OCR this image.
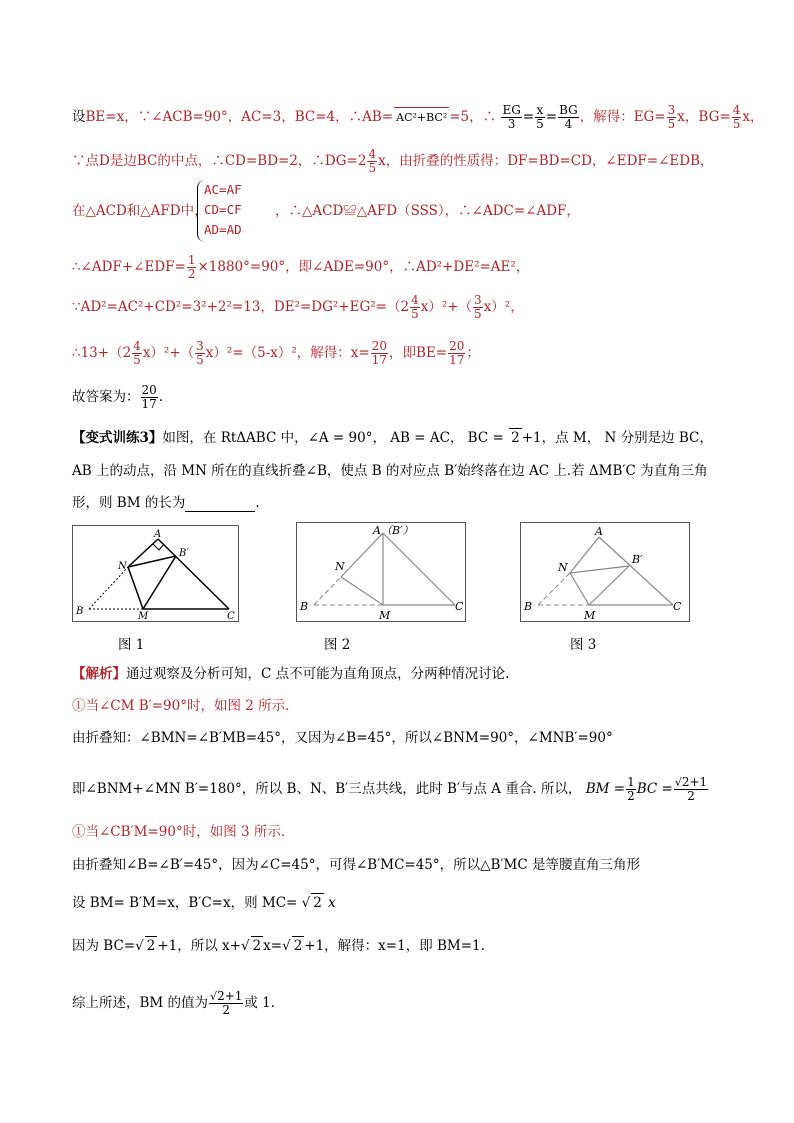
设BE=x，∵∠ACB=90°，AC=3，BC=4，∴AB= AC²+BC² =5，∴ $\frac{EG}{3} = \frac{x}{5} = \frac{BG}{4}$ ，解得：$EG= \frac{3}{5}$ x，$BG= \frac{4}{5}$ x，
∵点D是边BC的中点，∴CD=BD=2，∴DG=2 $\frac{4}{5}$ x，由折叠的性质得：DF=BD=CD，∠EDF=∠EDB，
在△ACD和△AFD中，
AC=AF
CD=CF
AD=AD
，∴△ACD≌△AFD（SSS），∴∠ADC=∠ADF，
∴∠ADF+∠EDF= $\frac{1}{2} \times 1880^\circ=90^\circ$，即∠ADE=90°，∴AD²+DE²=AE²，
∵AD²=AC²+CD²=3²+2²=13，$DE^2=DG^2+EG^2=(2 \frac{4}{5} x)^2+( \frac{3}{5} x)^2$，
∴13+（2 $\frac{4}{5} x)^2+( \frac{3}{5} x)^2=(5-x)^2$，解得：$x= \frac{20}{17}$ ，即$BE= \frac{20}{17}$ ；
故答案为： $\frac{20}{17}$ .
【变式训练3】如图，在 RtΔABC 中，∠A = 90°， AB = AC， BC = 2 +1，点 M， N 分别是边 BC，
AB 上的动点，沿 MN 所在的直线折叠∠B，使点 B 的对应点 B′始终落在边 AC 上.若 ΔMB′C 为直角三角
形，则 BM 的长为	.
A
N
B′
B	M	C
图 1
A（B′）
N
B
M
C
图 2
A
N
B′
B
M
C
图 3
【解析】通过观察及分析可知，C 点不可能为直角顶点，分两种情况讨论.
①当∠CM B′=90°时，如图 2 所示.
由折叠知：∠BMN=∠B′MB=45°，又因为∠B=45°，所以∠BNM=90°，∠MNB′=90°
即∠BNM+∠MN B′=180°，所以 B、N、B′三点共线，此时 B′与点 A 重合. 所以， BM = $\frac{1}{2}$ BC = $\frac{√2+1}{2}$
①当∠CB′M=90°时，如图 3 所示.
由折叠知∠B=∠B′=45°，因为∠C=45°，可得∠B′MC=45°，所以△B′MC 是等腰直角三角形
设 BM= B′M=x，B′C=x，则 MC= √ 2 x
因为 BC=√ 2 +1，所以 x+√ 2 x=√ 2 +1，解得：x=1，即 BM=1.
综上所述，BM 的值为 $\frac{√2+1}{2}$ 或 1.
